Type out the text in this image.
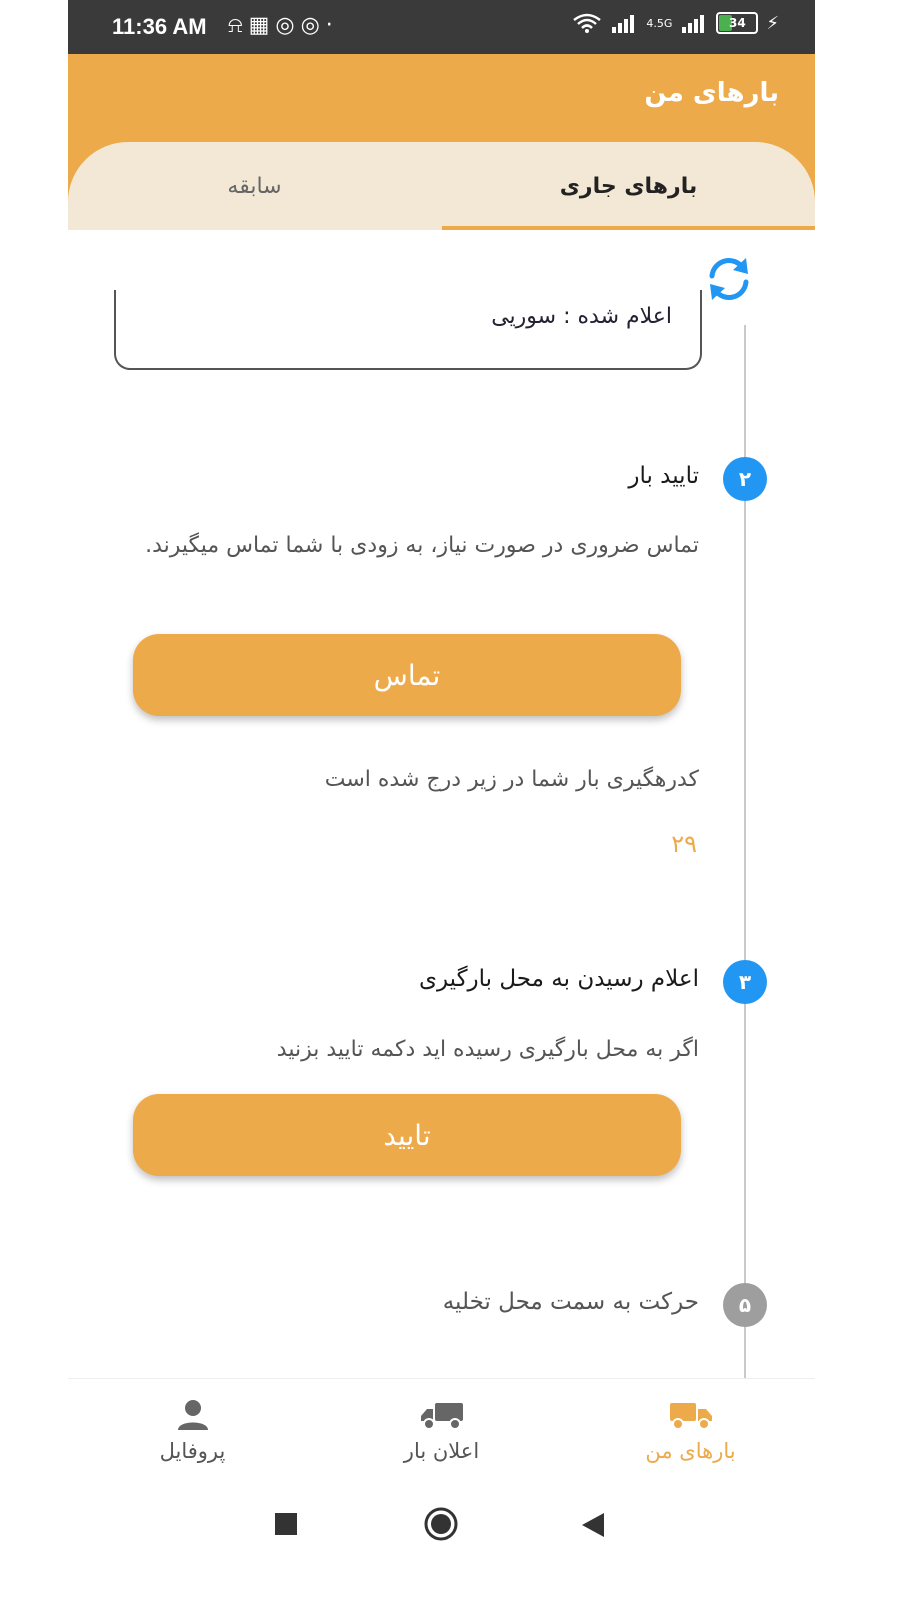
11:36 AM ⍾▦◎◎·	4.5G	34	⚡
بارهای من
بارهای جاری
سابقه
اعلام شده : سوریی
۲
تایید بار
تماس ضروری در صورت نیاز، به زودی با شما تماس میگیرند.
تماس
کدرهگیری بار شما در زیر درج شده است
۲۹
۳
اعلام رسیدن به محل بارگیری
اگر به محل بارگیری رسیده اید دکمه تایید بزنید
تایید
۵
حرکت به سمت محل تخلیه
بارهای من
اعلان بار
پروفایل
